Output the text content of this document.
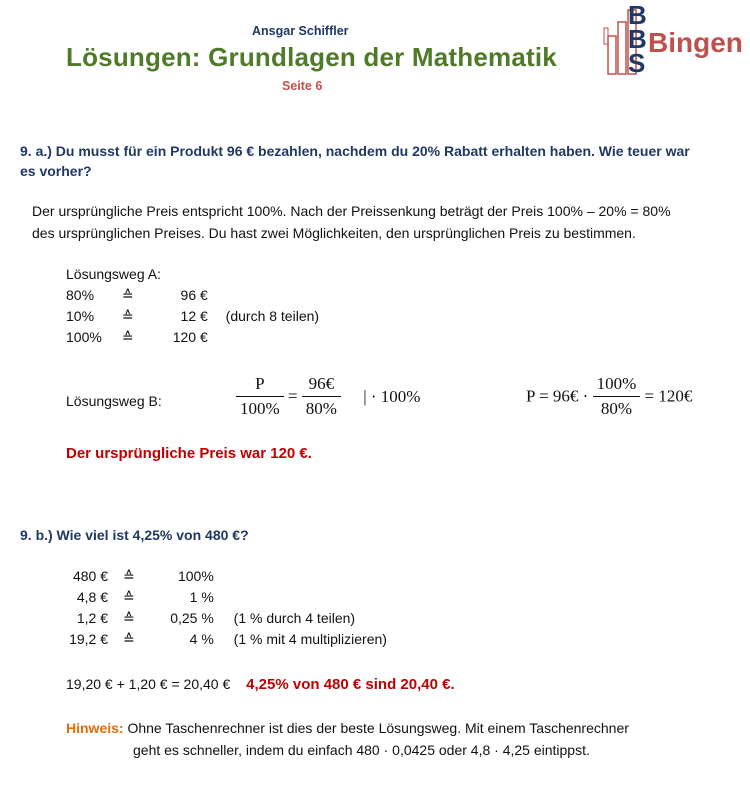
Ansgar Schiffler
Lösungen: Grundlagen der Mathematik
Seite 6
B
B
S
Bingen
9. a.) Du musst für ein Produkt 96 € bezahlen, nachdem du 20% Rabatt erhalten haben. Wie teuer war
es vorher?
Der ursprüngliche Preis entspricht 100%. Nach der Preissenkung beträgt der Preis 100% – 20% = 80%
des ursprünglichen Preises. Du hast zwei Möglichkeiten, den ursprünglichen Preis zu bestimmen.
Lösungsweg A:
80% ≙	96 €
10% ≙	12 € (durch 8 teilen)
100% ≙	120 €
Lösungsweg B:	$\frac{P}{100\%} = \frac{96€}{80\%}$ | · 100%	P = 96€ · $\frac{100\%}{80\%}$ = 120€
Der ursprüngliche Preis war 120 €.
9. b.) Wie viel ist 4,25% von 480 €?
480 € ≙	100%
4,8 € ≙	1 %
1,2 € ≙	0,25 % (1 % durch 4 teilen)
19,2 € ≙	4 % (1 % mit 4 multiplizieren)
19,20 € + 1,20 € = 20,40 € 4,25% von 480 € sind 20,40 €.
Hinweis: Ohne Taschenrechner ist dies der beste Lösungsweg. Mit einem Taschenrechner
geht es schneller, indem du einfach 480 · 0,0425 oder 4,8 · 4,25 eintippst.
